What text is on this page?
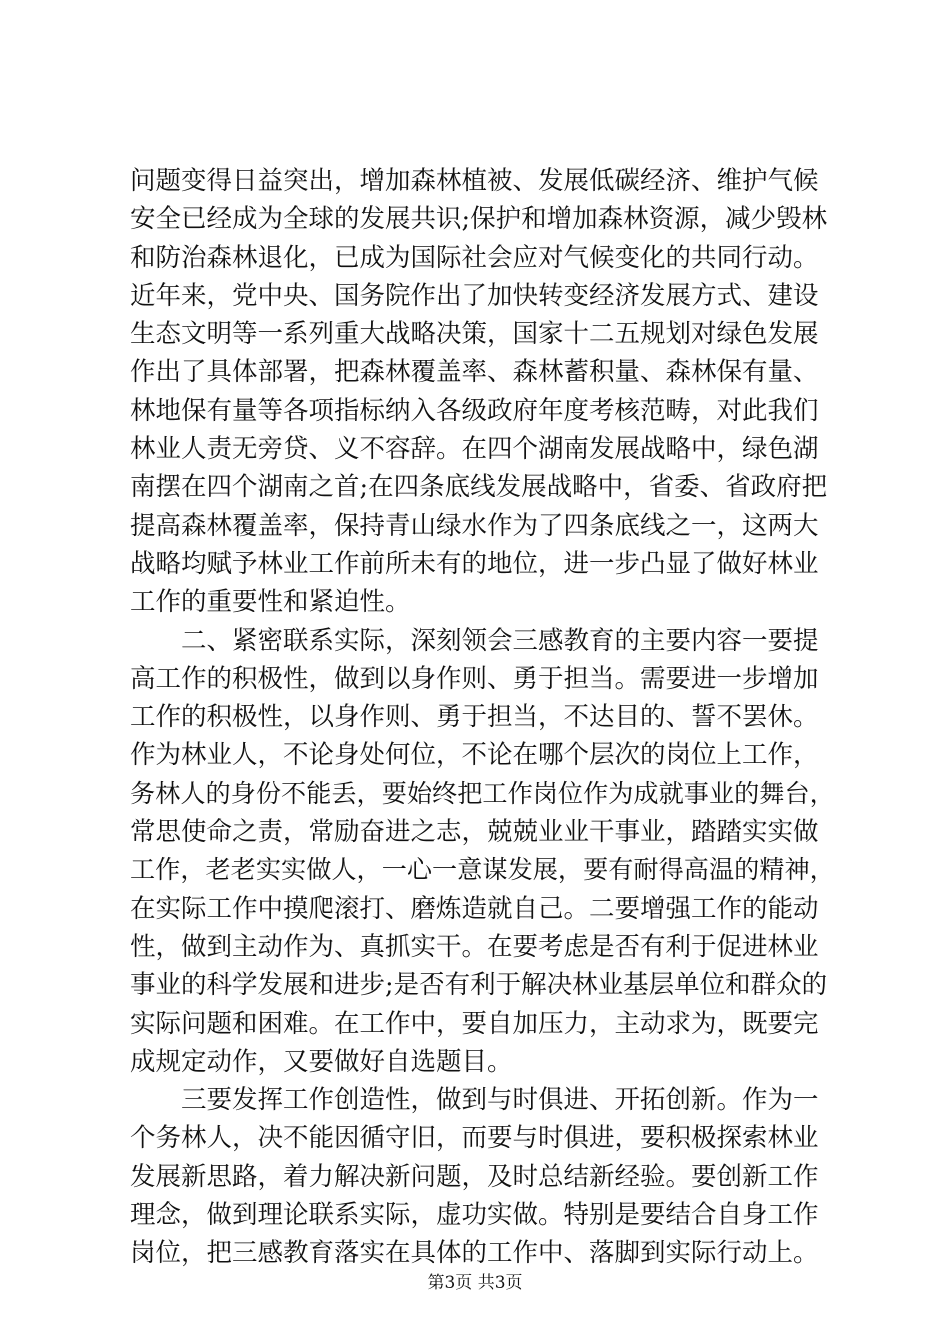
问题变得日益突出，增加森林植被、发展低碳经济、维护气候
安全已经成为全球的发展共识;保护和增加森林资源，减少毁林
和防治森林退化，已成为国际社会应对气候变化的共同行动。
近年来，党中央、国务院作出了加快转变经济发展方式、建设
生态文明等一系列重大战略决策，国家十二五规划对绿色发展
作出了具体部署，把森林覆盖率、森林蓄积量、森林保有量、
林地保有量等各项指标纳入各级政府年度考核范畴，对此我们
林业人责无旁贷、义不容辞。在四个湖南发展战略中，绿色湖
南摆在四个湖南之首;在四条底线发展战略中，省委、省政府把
提高森林覆盖率，保持青山绿水作为了四条底线之一，这两大
战略均赋予林业工作前所未有的地位，进一步凸显了做好林业
工作的重要性和紧迫性。
　　二、紧密联系实际，深刻领会三感教育的主要内容一要提
高工作的积极性，做到以身作则、勇于担当。需要进一步增加
工作的积极性，以身作则、勇于担当，不达目的、誓不罢休。
作为林业人，不论身处何位，不论在哪个层次的岗位上工作，
务林人的身份不能丢，要始终把工作岗位作为成就事业的舞台，
常思使命之责，常励奋进之志，兢兢业业干事业，踏踏实实做
工作，老老实实做人，一心一意谋发展，要有耐得高温的精神，
在实际工作中摸爬滚打、磨炼造就自己。二要增强工作的能动
性，做到主动作为、真抓实干。在要考虑是否有利于促进林业
事业的科学发展和进步;是否有利于解决林业基层单位和群众的
实际问题和困难。在工作中，要自加压力，主动求为，既要完
成规定动作，又要做好自选题目。
　　三要发挥工作创造性，做到与时俱进、开拓创新。作为一
个务林人，决不能因循守旧，而要与时俱进，要积极探索林业
发展新思路，着力解决新问题，及时总结新经验。要创新工作
理念，做到理论联系实际，虚功实做。特别是要结合自身工作
岗位，把三感教育落实在具体的工作中、落脚到实际行动上。
第3页 共3页
